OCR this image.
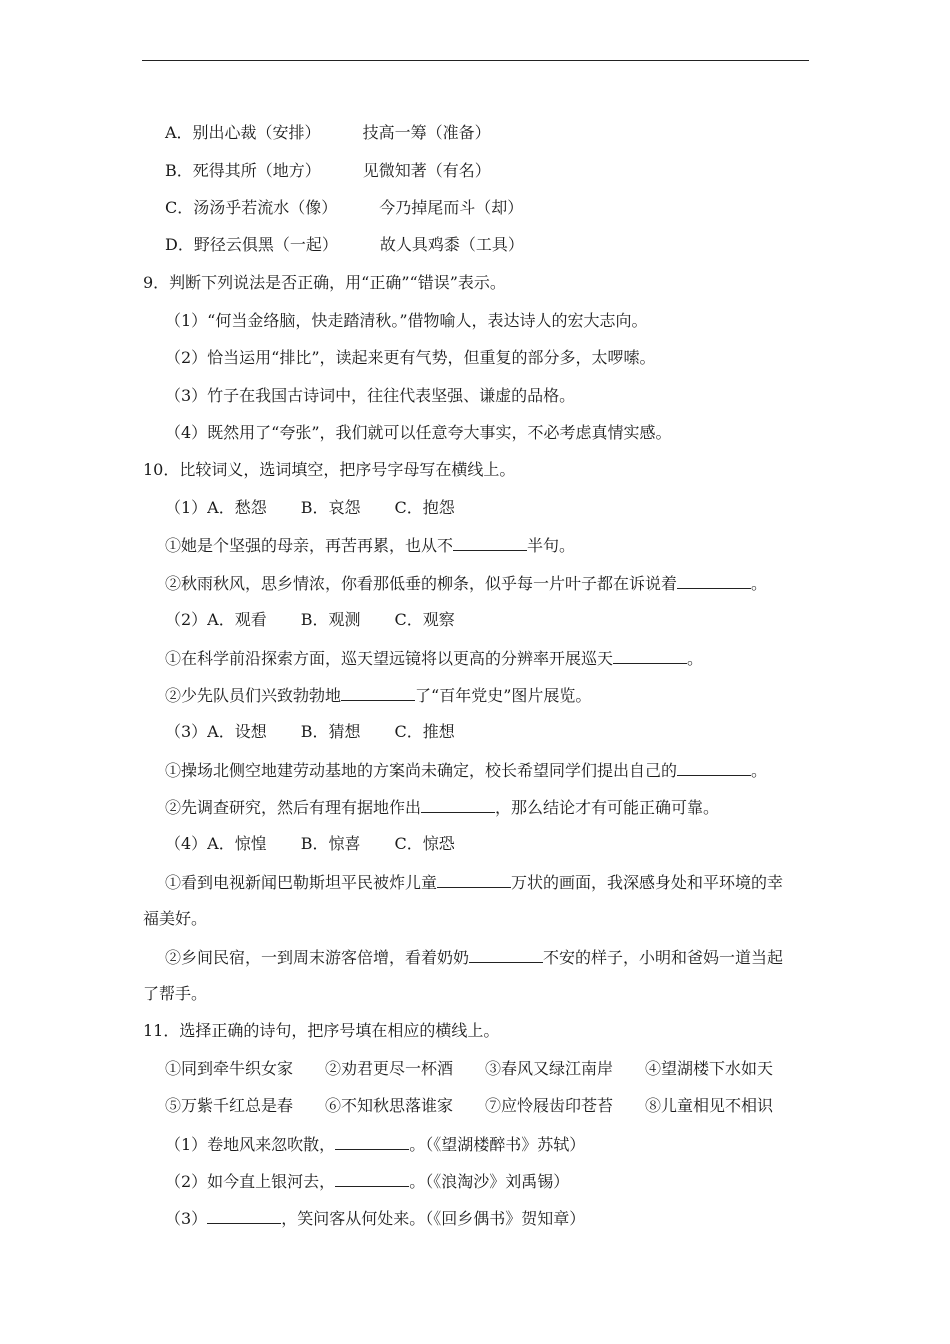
A．别出心裁（安排）	技高一筹（准备）
B．死得其所（地方）	见微知著（有名）
C．汤汤乎若流水（像）	今乃掉尾而斗（却）
D．野径云俱黑（一起）	故人具鸡黍（工具）
9．判断下列说法是否正确，用“正确”“错误”表示。
（1）“何当金络脑，快走踏清秋。”借物喻人，表达诗人的宏大志向。
（2）恰当运用“排比”，读起来更有气势，但重复的部分多，太啰嗦。
（3）竹子在我国古诗词中，往往代表坚强、谦虚的品格。
（4）既然用了“夸张”，我们就可以任意夸大事实，不必考虑真情实感。
10．比较词义，选词填空，把序号字母写在横线上。
（1）A．愁怨 B．哀怨 C．抱怨
①她是个坚强的母亲，再苦再累，也从不	半句。
②秋雨秋风，思乡情浓，你看那低垂的柳条，似乎每一片叶子都在诉说着	。
（2）A．观看 B．观测 C．观察
①在科学前沿探索方面，巡天望远镜将以更高的分辨率开展巡天	。
②少先队员们兴致勃勃地	了“百年党史”图片展览。
（3）A．设想 B．猜想 C．推想
①操场北侧空地建劳动基地的方案尚未确定，校长希望同学们提出自己的	。
②先调查研究，然后有理有据地作出	，那么结论才有可能正确可靠。
（4）A．惊惶 B．惊喜 C．惊恐
①看到电视新闻巴勒斯坦平民被炸儿童	万状的画面，我深感身处和平环境的幸
福美好。
②乡间民宿，一到周末游客倍增，看着奶奶	不安的样子，小明和爸妈一道当起
了帮手。
11．选择正确的诗句，把序号填在相应的横线上。
①同到牵牛织女家 ②劝君更尽一杯酒 ③春风又绿江南岸 ④望湖楼下水如天
⑤万紫千红总是春 ⑥不知秋思落谁家 ⑦应怜屐齿印苍苔 ⑧儿童相见不相识
（1）卷地风来忽吹散，	。（《望湖楼醉书》苏轼）
（2）如今直上银河去，	。（《浪淘沙》刘禹锡）
（3）	，笑问客从何处来。（《回乡偶书》贺知章）
